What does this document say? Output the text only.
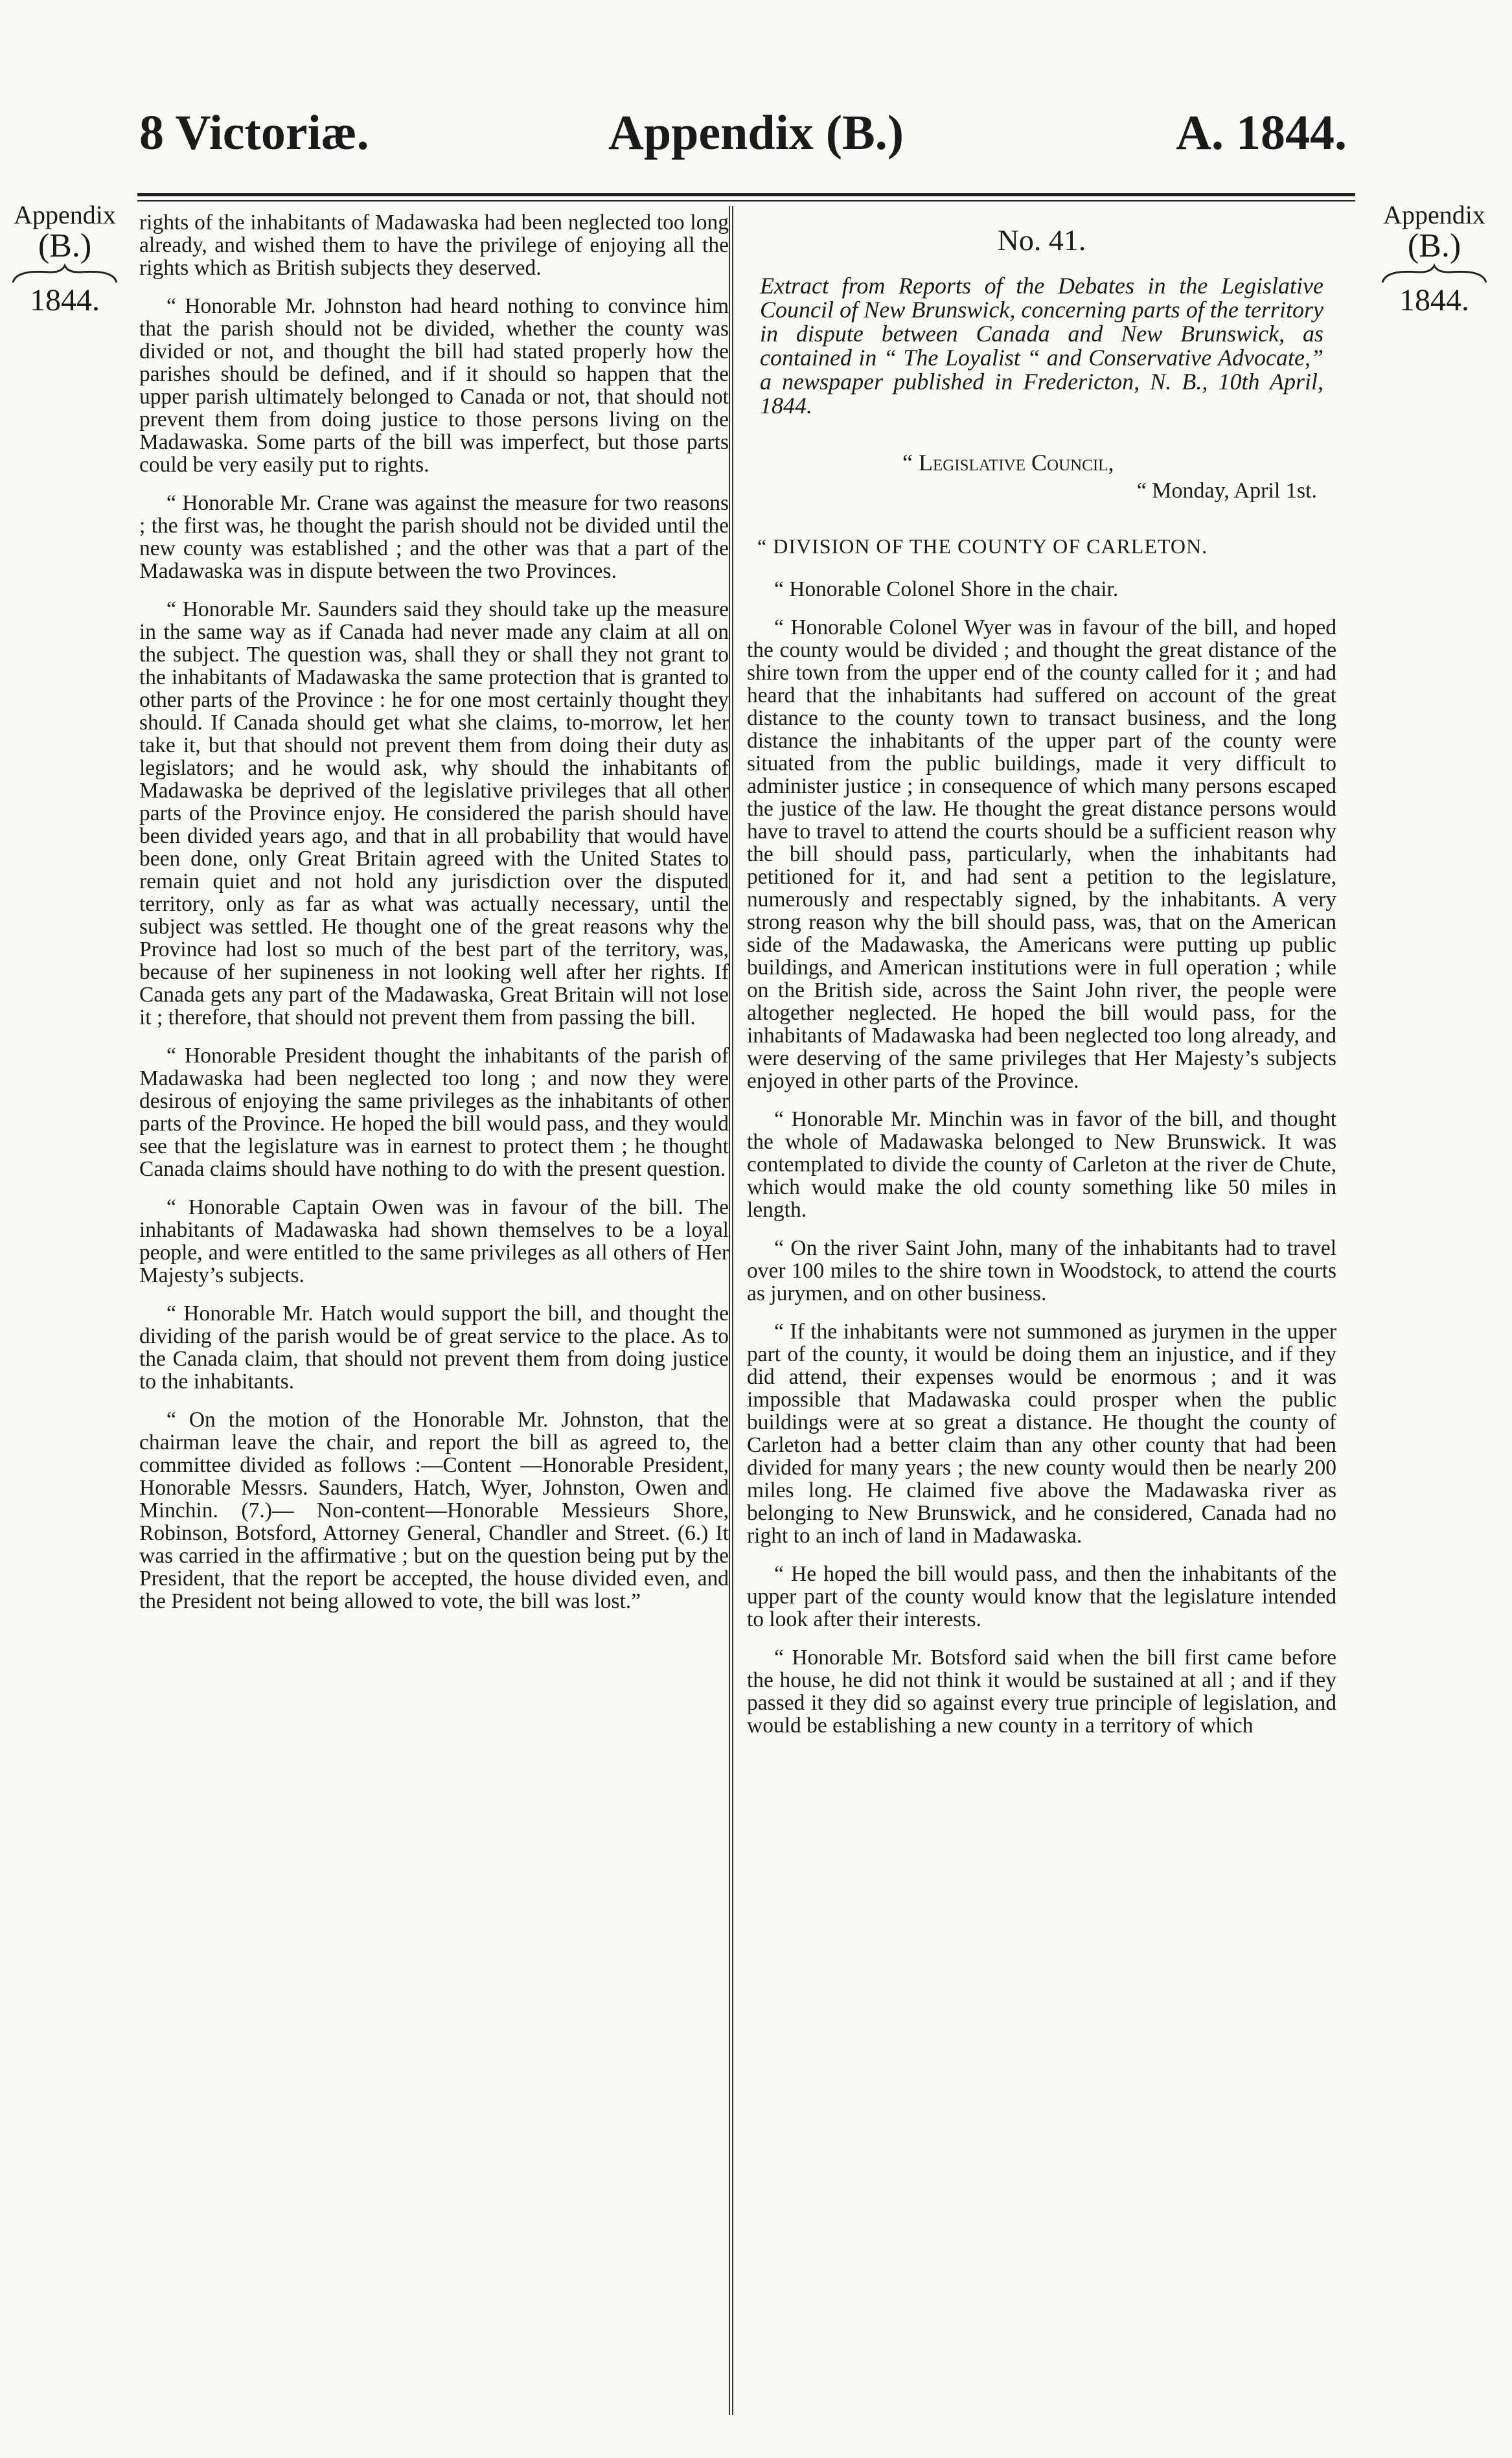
8 Victoriæ.	Appendix (B.)	A. 1844.
Appendix
(B.)
1844.
Appendix
(B.)
1844.

rights of the inhabitants of Madawaska had been neglected too long already, and wished them to have the privilege of enjoying all the rights which as British subjects they deserved.

“ Honorable Mr. Johnston had heard nothing to convince him that the parish should not be divided, whether the county was divided or not, and thought the bill had stated properly how the parishes should be defined, and if it should so happen that the upper parish ultimately belonged to Canada or not, that should not prevent them from doing justice to those persons living on the Madawaska. Some parts of the bill was imperfect, but those parts could be very easily put to rights.

“ Honorable Mr. Crane was against the measure for two reasons ; the first was, he thought the parish should not be divided until the new county was established ; and the other was that a part of the Madawaska was in dispute between the two Provinces.

“ Honorable Mr. Saunders said they should take up the measure in the same way as if Canada had never made any claim at all on the subject. The question was, shall they or shall they not grant to the inhabitants of Madawaska the same protection that is granted to other parts of the Province : he for one most certainly thought they should. If Canada should get what she claims, to-morrow, let her take it, but that should not prevent them from doing their duty as legislators; and he would ask, why should the inhabitants of Madawaska be deprived of the legislative privileges that all other parts of the Province enjoy. He considered the parish should have been divided years ago, and that in all probability that would have been done, only Great Britain agreed with the United States to remain quiet and not hold any jurisdiction over the disputed territory, only as far as what was actually necessary, until the subject was settled. He thought one of the great reasons why the Province had lost so much of the best part of the territory, was, because of her supineness in not looking well after her rights. If Canada gets any part of the Madawaska, Great Britain will not lose it ; therefore, that should not prevent them from passing the bill.

“ Honorable President thought the inhabitants of the parish of Madawaska had been neglected too long ; and now they were desirous of enjoying the same privileges as the inhabitants of other parts of the Province. He hoped the bill would pass, and they would see that the legislature was in earnest to protect them ; he thought Canada claims should have nothing to do with the present question.

“ Honorable Captain Owen was in favour of the bill. The inhabitants of Madawaska had shown themselves to be a loyal people, and were entitled to the same privileges as all others of Her Majesty’s subjects.

“ Honorable Mr. Hatch would support the bill, and thought the dividing of the parish would be of great service to the place. As to the Canada claim, that should not prevent them from doing justice to the inhabitants.

“ On the motion of the Honorable Mr. Johnston, that the chairman leave the chair, and report the bill as agreed to, the committee divided as follows :—Content —Honorable President, Honorable Messrs. Saunders, Hatch, Wyer, Johnston, Owen and Minchin. (7.)— Non-content—Honorable Messieurs Shore, Robinson, Botsford, Attorney General, Chandler and Street. (6.) It was carried in the affirmative ; but on the question being put by the President, that the report be accepted, the house divided even, and the President not being allowed to vote, the bill was lost.”

No. 41.
Extract from Reports of the Debates in the Legislative Council of New Brunswick, concerning parts of the territory in dispute between Canada and New Brunswick, as contained in “ The Loyalist “ and Conservative Advocate,” a newspaper published in Fredericton, N. B., 10th April, 1844.
“ Legislative Council,
“ Monday, April 1st.
“ DIVISION OF THE COUNTY OF CARLETON.

“ Honorable Colonel Shore in the chair.

“ Honorable Colonel Wyer was in favour of the bill, and hoped the county would be divided ; and thought the great distance of the shire town from the upper end of the county called for it ; and had heard that the inhabitants had suffered on account of the great distance to the county town to transact business, and the long distance the inhabitants of the upper part of the county were situated from the public buildings, made it very difficult to administer justice ; in consequence of which many persons escaped the justice of the law. He thought the great distance persons would have to travel to attend the courts should be a sufficient reason why the bill should pass, particularly, when the inhabitants had petitioned for it, and had sent a petition to the legislature, numerously and respectably signed, by the inhabitants. A very strong reason why the bill should pass, was, that on the American side of the Madawaska, the Americans were putting up public buildings, and American institutions were in full operation ; while on the British side, across the Saint John river, the people were altogether neglected. He hoped the bill would pass, for the inhabitants of Madawaska had been neglected too long already, and were deserving of the same privileges that Her Majesty’s subjects enjoyed in other parts of the Province.

“ Honorable Mr. Minchin was in favor of the bill, and thought the whole of Madawaska belonged to New Brunswick. It was contemplated to divide the county of Carleton at the river de Chute, which would make the old county something like 50 miles in length.

“ On the river Saint John, many of the inhabitants had to travel over 100 miles to the shire town in Woodstock, to attend the courts as jurymen, and on other business.

“ If the inhabitants were not summoned as jurymen in the upper part of the county, it would be doing them an injustice, and if they did attend, their expenses would be enormous ; and it was impossible that Madawaska could prosper when the public buildings were at so great a distance. He thought the county of Carleton had a better claim than any other county that had been divided for many years ; the new county would then be nearly 200 miles long. He claimed five above the Madawaska river as belonging to New Brunswick, and he considered, Canada had no right to an inch of land in Madawaska.

“ He hoped the bill would pass, and then the inhabitants of the upper part of the county would know that the legislature intended to look after their interests.

“ Honorable Mr. Botsford said when the bill first came before the house, he did not think it would be sustained at all ; and if they passed it they did so against every true principle of legislation, and would be establishing a new county in a territory of which
